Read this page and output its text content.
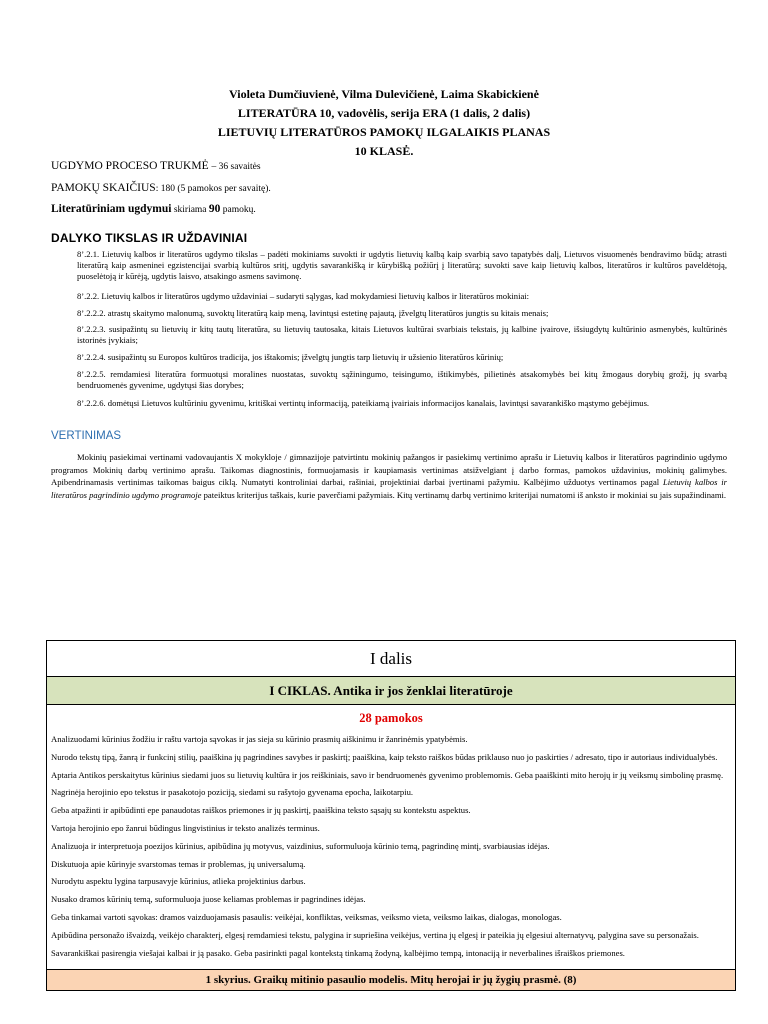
Violeta Dumčiuvienė, Vilma Dulevičienė, Laima Skabickienė
LITERATŪRA 10, vadovėlis, serija ERA (1 dalis, 2 dalis)
LIETUVIŲ LITERATŪROS PAMOKŲ ILGALAIKIS PLANAS
10 KLASĖ.
UGDYMO PROCESO TRUKMĖ – 36 savaitės
PAMOKŲ SKAIČIUS: 180 (5 pamokos per savaitę).
Literatūriniam ugdymui skiriama 90 pamokų.
DALYKO TIKSLAS IR UŽDAVINIAI
8’.2.1. Lietuvių kalbos ir literatūros ugdymo tikslas – padėti mokiniams suvokti ir ugdytis lietuvių kalbą kaip svarbią savo tapatybės dalį, Lietuvos visuomenės bendravimo būdą; atrasti literatūrą kaip asmeninei egzistencijai svarbią kultūros sritį, ugdytis savarankišką ir kūrybišką požiūrį į literatūrą; suvokti save kaip lietuvių kalbos, literatūros ir kultūros paveldėtoją, puoselėtoją ir kūrėją, ugdytis laisvo, atsakingo asmens savimonę.
8’.2.2. Lietuvių kalbos ir literatūros ugdymo uždaviniai – sudaryti sąlygas, kad mokydamiesi lietuvių kalbos ir literatūros mokiniai:
8’.2.2.2. atrastų skaitymo malonumą, suvoktų literatūrą kaip meną, lavintųsi estetinę pajautą, įžvelgtų literatūros jungtis su kitais menais;
8’.2.2.3. susipažintų su lietuvių ir kitų tautų literatūra, su lietuvių tautosaka, kitais Lietuvos kultūrai svarbiais tekstais, jų kalbine įvairove, išsiugdytų kultūrinio asmenybės, kultūrinės istorinės įvykiais;
8’.2.2.4. susipažintų su Europos kultūros tradicija, jos ištakomis; įžvelgtų jungtis tarp lietuvių ir užsienio literatūros kūrinių;
8’.2.2.5. remdamiesi literatūra formuotųsi moralines nuostatas, suvoktų sąžiningumo, teisingumo, ištikimybės, pilietinės atsakomybės bei kitų žmogaus dorybių grožį, jų svarbą bendruomenės gyvenime, ugdytųsi šias dorybes;
8’.2.2.6. domėtųsi Lietuvos kultūriniu gyvenimu, kritiškai vertintų informaciją, pateikiamą įvairiais informacijos kanalais, lavintųsi savarankiško mąstymo gebėjimus.
VERTINIMAS
Mokinių pasiekimai vertinami vadovaujantis X mokykloje / gimnazijoje patvirtintu mokinių pažangos ir pasiekimų vertinimo aprašu ir Lietuvių kalbos ir literatūros pagrindinio ugdymo programos Mokinių darbų vertinimo aprašu. Taikomas diagnostinis, formuojamasis ir kaupiamasis vertinimas atsižvelgiant į darbo formas, pamokos uždavinius, mokinių galimybes. Apibendrinamasis vertinimas taikomas baigus ciklą. Numatyti kontroliniai darbai, rašiniai, projektiniai darbai įvertinami pažymiu. Kalbėjimo užduotys vertinamos pagal Lietuvių kalbos ir literatūros pagrindinio ugdymo programoje pateiktus kriterijus taškais, kurie paverčiami pažymiais. Kitų vertinamų darbų vertinimo kriterijai numatomi iš anksto ir mokiniai su jais supažindinami.
I dalis
I CIKLAS. Antika ir jos ženklai literatūroje

28 pamokos
Analizuodami kūrinius žodžiu ir raštu vartoja sąvokas ir jas sieja su kūrinio prasmių aiškinimu ir žanrinėmis ypatybėmis.
Nurodo tekstų tipą, žanrą ir funkcinį stilių, paaiškina jų pagrindines savybes ir paskirtį; paaiškina, kaip teksto raiškos būdas priklauso nuo jo paskirties / adresato, tipo ir autoriaus individualybės.
Aptaria Antikos perskaitytus kūrinius siedami juos su lietuvių kultūra ir jos reiškiniais, savo ir bendruomenės gyvenimo problemomis. Geba paaiškinti mito herojų ir jų veiksmų simbolinę prasmę.
Nagrinėja herojinio epo tekstus ir pasakotojo poziciją, siedami su rašytojo gyvenama epocha, laikotarpiu.
Geba atpažinti ir apibūdinti epe panaudotas raiškos priemones ir jų paskirtį, paaiškina teksto sąsajų su kontekstu aspektus.
Vartoja herojinio epo žanrui būdingus lingvistinius ir teksto analizės terminus.
Analizuoja ir interpretuoja poezijos kūrinius, apibūdina jų motyvus, vaizdinius, suformuluoja kūrinio temą, pagrindinę mintį, svarbiausias idėjas.
Diskutuoja apie kūrinyje svarstomas temas ir problemas, jų universalumą.
Nurodytu aspektu lygina tarpusavyje kūrinius, atlieka projektinius darbus.
Nusako dramos kūrinių temą, suformuluoja juose keliamas problemas ir pagrindines idėjas.
Geba tinkamai vartoti sąvokas: dramos vaizduojamasis pasaulis: veikėjai, konfliktas, veiksmas, veiksmo vieta, veiksmo laikas, dialogas, monologas.
Apibūdina personažo išvaizdą, veikėjo charakterį, elgesį remdamiesi tekstu, palygina ir supriešina veikėjus, vertina jų elgesį ir pateikia jų elgesiui alternatyvų, palygina save su personažais.
Savarankiškai pasirengia viešajai kalbai ir ją pasako. Geba pasirinkti pagal kontekstą tinkamą žodyną, kalbėjimo tempą, intonaciją ir neverbalines išraiškos priemones.

1 skyrius. Graikų mitinio pasaulio modelis. Mitų herojai ir jų žygių prasmė. (8)
